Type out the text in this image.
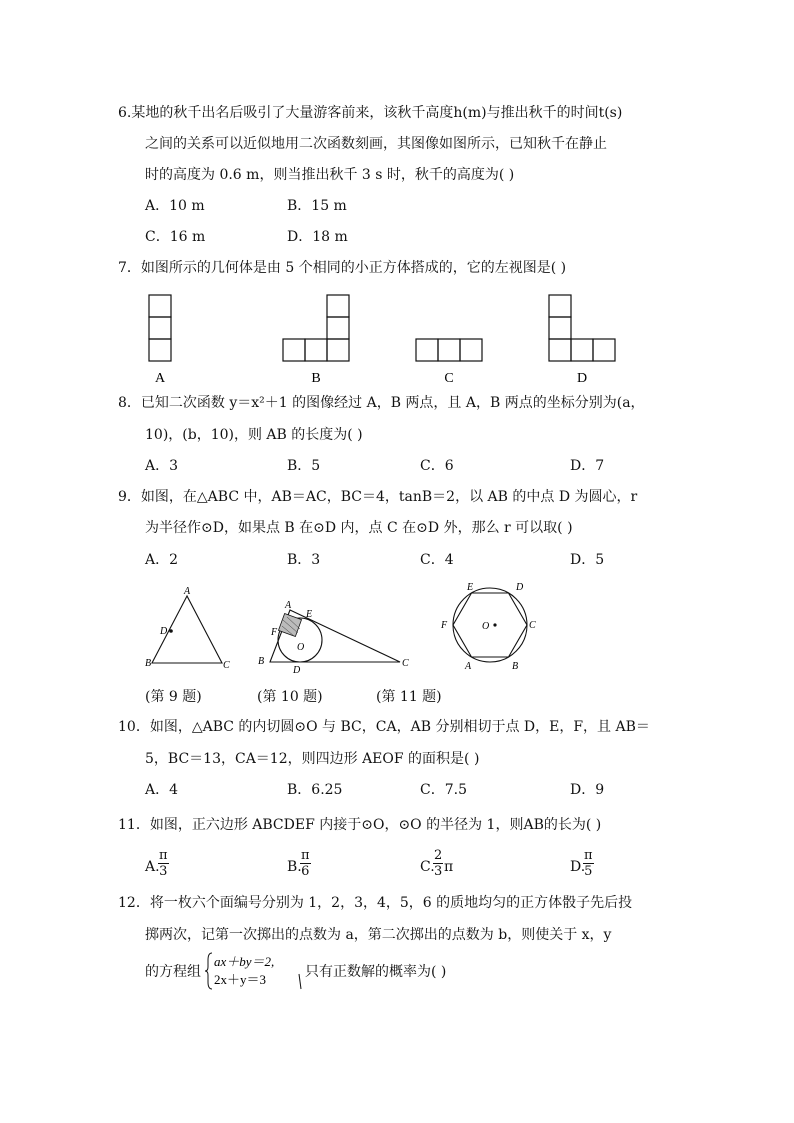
6.某地的秋千出名后吸引了大量游客前来，该秋千高度h(m)与推出秋千的时间t(s)
之间的关系可以近似地用二次函数刻画，其图像如图所示，已知秋千在静止
时的高度为 0.6 m，则当推出秋千 3 s 时，秋千的高度为( )
A．10 m	B．15 m
C．16 m	D．18 m
7．如图所示的几何体是由 5 个相同的小正方体搭成的，它的左视图是( )
A	B	C	D
8．已知二次函数 y＝x²＋1 的图像经过 A，B 两点，且 A，B 两点的坐标分别为(a，
10)，(b，10)，则 AB 的长度为( )
A．3	B．5	C．6	D．7
9．如图，在△ABC 中，AB＝AC，BC＝4，tanB＝2，以 AB 的中点 D 为圆心，r
为半径作⊙D，如果点 B 在⊙D 内，点 C 在⊙D 外，那么 r 可以取( )
A．2	B．3	C．4	D．5
A
B	C
D
A
E
F
O
B
D
C
E	D
F	O	C
A	B
(第 9 题)	(第 10 题)	(第 11 题)
10．如图，△ABC 的内切圆⊙O 与 BC，CA，AB 分别相切于点 D，E，F，且 AB＝
5，BC＝13，CA＝12，则四边形 AEOF 的面积是( )
A．4	B．6.25	C．7.5	D．9
11．如图，正六边形 ABCDEF 内接于⊙O，⊙O 的半径为 1，则AB的长为( )
A.
$\frac{\pi}{3}$	B.
$\frac{\pi}{6}$	C.
$\frac{2}{3}$ π	D.
$\frac{\pi}{5}$
12．将一枚六个面编号分别为 1，2，3，4，5，6 的质地均匀的正方体骰子先后投
掷两次，记第一次掷出的点数为 a，第二次掷出的点数为 b，则使关于 x，y
的方程组
ax＋by＝2,
2x＋y＝3	只有正数解的概率为( )
